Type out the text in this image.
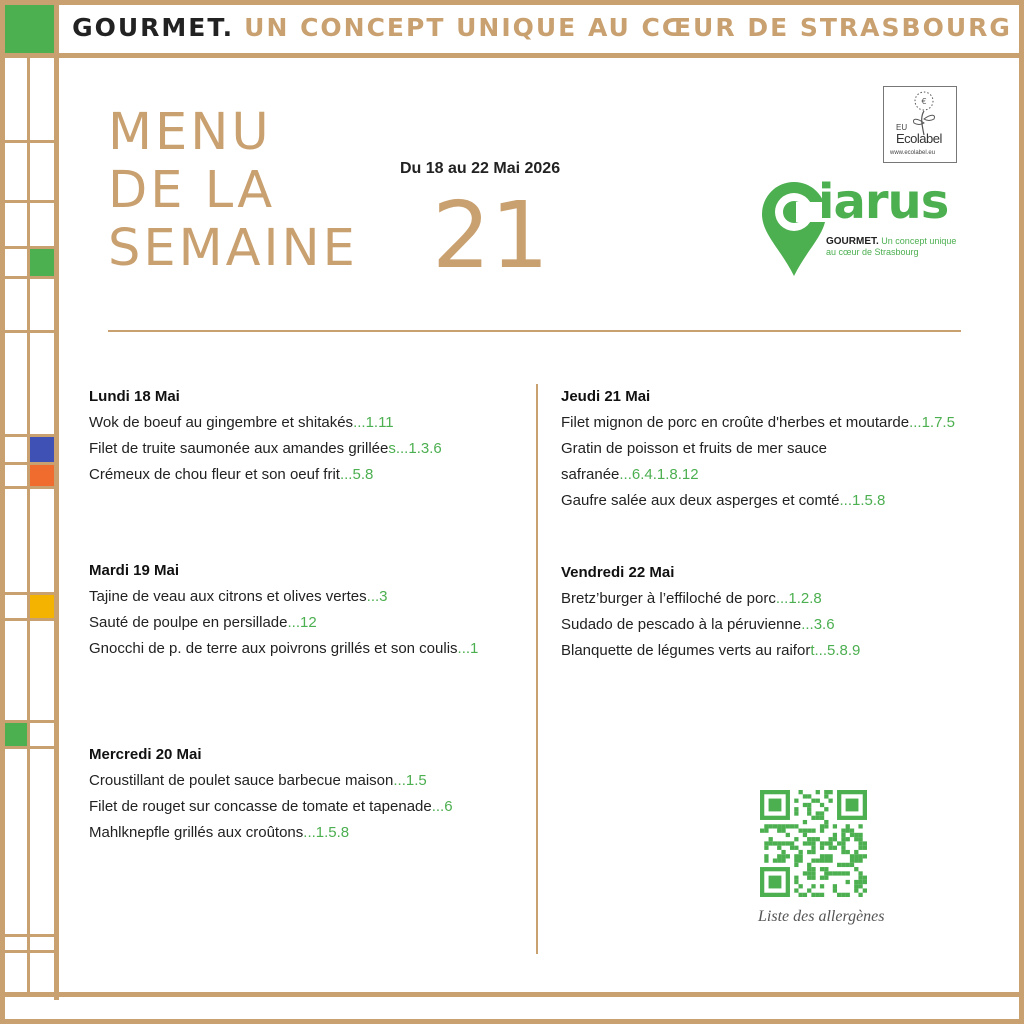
GOURMET. UN CONCEPT UNIQUE AU CŒUR DE STRASBOURG
MENU
DE LA
SEMAINE
Du 18 au 22 Mai 2026
21
€
EU
Ecolabel
www.ecolabel.eu
iarus
GOURMET. Un concept unique
au cœur de Strasbourg
Lundi 18 Mai
Wok de boeuf au gingembre et shitakés...1.11
Filet de truite saumonée aux amandes grillées...1.3.6
Crémeux de chou fleur et son oeuf frit...5.8
Mardi 19 Mai
Tajine de veau aux citrons et olives vertes...3
Sauté de poulpe en persillade...12
Gnocchi de p. de terre aux poivrons grillés et son coulis...1
Mercredi 20 Mai
Croustillant de poulet sauce barbecue maison...1.5
Filet de rouget sur concasse de tomate et tapenade...6
Mahlknepfle grillés aux croûtons...1.5.8
Jeudi 21 Mai
Filet mignon de porc en croûte d'herbes et moutarde...1.7.5
Gratin de poisson et fruits de mer sauce
safranée...6.4.1.8.12
Gaufre salée aux deux asperges et comté...1.5.8
Vendredi 22 Mai
Bretz’burger à l’effiloché de porc...1.2.8
Sudado de pescado à la péruvienne...3.6
Blanquette de légumes verts au raifort...5.8.9
Liste des allergènes
